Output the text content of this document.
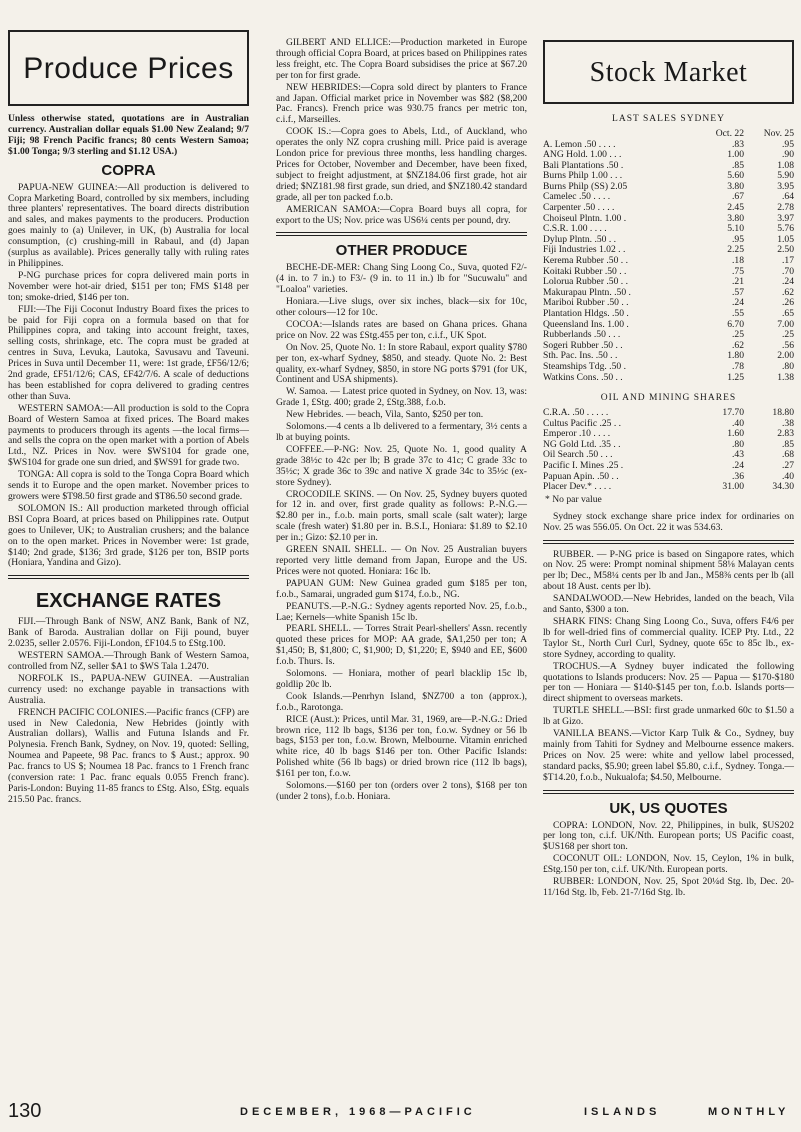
Produce Prices

Unless otherwise stated, quotations are in Australian currency. Australian dollar equals $1.00 New Zealand; 9/7 Fiji; 98 French Pacific francs; 80 cents Western Samoa; $1.00 Tonga; 9/3 sterling and $1.12 USA.)

COPRA

PAPUA-NEW GUINEA:—All production is delivered to Copra Marketing Board, controlled by six members, including three planters' representatives. The board directs distribution and sales, and makes payments to the producers. Production goes mainly to (a) Unilever, in UK, (b) Australia for local consumption, (c) crushing-mill in Rabaul, and (d) Japan (surplus as available). Prices generally tally with ruling rates in Philippines.

P-NG purchase prices for copra delivered main ports in November were hot-air dried, $151 per ton; FMS $148 per ton; smoke-dried, $146 per ton.

FIJI:—The Fiji Coconut Industry Board fixes the prices to be paid for Fiji copra on a formula based on that for Philippines copra, and taking into account freight, taxes, selling costs, shrinkage, etc. The copra must be graded at centres in Suva, Levuka, Lautoka, Savusavu and Taveuni. Prices in Suva until December 11, were: 1st grade, £F56/12/6; 2nd grade, £F51/12/6; CAS, £F42/7/6. A scale of deductions has been established for copra delivered to grading centres other than Suva.

WESTERN SAMOA:—All production is sold to the Copra Board of Western Samoa at fixed prices. The Board makes payments to producers through its agents —the local firms—and sells the copra on the open market with a portion of Abels Ltd., NZ. Prices in Nov. were $WS104 for grade one, $WS104 for grade one sun dried, and $WS91 for grade two.

TONGA: All copra is sold to the Tonga Copra Board which sends it to Europe and the open market. November prices to growers were $T98.50 first grade and $T86.50 second grade.

SOLOMON IS.: All production marketed through official BSI Copra Board, at prices based on Philippines rate. Output goes to Unilever, UK; to Australian crushers; and the balance on to the open market. Prices in November were: 1st grade, $140; 2nd grade, $136; 3rd grade, $126 per ton, BSIP ports (Honiara, Yandina and Gizo).

EXCHANGE RATES

FIJI.—Through Bank of NSW, ANZ Bank, Bank of NZ, Bank of Baroda. Australian dollar on Fiji pound, buyer 2.0235, seller 2.0576. Fiji-London, £F104.5 to £Stg.100.

WESTERN SAMOA.—Through Bank of Western Samoa, controlled from NZ, seller $A1 to $WS Tala 1.2470.

NORFOLK IS., PAPUA-NEW GUINEA. —Australian currency used: no exchange payable in transactions with Australia.

FRENCH PACIFIC COLONIES.—Pacific francs (CFP) are used in New Caledonia, New Hebrides (jointly with Australian dollars), Wallis and Futuna Islands and Fr. Polynesia. French Bank, Sydney, on Nov. 19, quoted: Selling, Noumea and Papeete, 98 Pac. francs to $ Aust.; approx. 90 Pac. francs to US $; Noumea 18 Pac. francs to 1 French franc (conversion rate: 1 Pac. franc equals 0.055 French franc). Paris-London: Buying 11-85 francs to £Stg. Also, £Stg. equals 215.50 Pac. francs.

GILBERT AND ELLICE:—Production marketed in Europe through official Copra Board, at prices based on Philippines rates less freight, etc. The Copra Board subsidises the price at $67.20 per ton for first grade.

NEW HEBRIDES:—Copra sold direct by planters to France and Japan. Official market price in November was $82 ($8,200 Pac. Francs). French price was 930.75 francs per metric ton, c.i.f., Marseilles.

COOK IS.:—Copra goes to Abels, Ltd., of Auckland, who operates the only NZ copra crushing mill. Price paid is average London price for previous three months, less handling charges. Prices for October, November and December, have been fixed, subject to freight adjustment, at $NZ184.06 first grade, hot air dried; $NZ181.98 first grade, sun dried, and $NZ180.42 standard grade, all per ton packed f.o.b.

AMERICAN SAMOA:—Copra Board buys all copra, for export to the US; Nov. price was US6¼ cents per pound, dry.

OTHER PRODUCE

BECHE-DE-MER: Chang Sing Loong Co., Suva, quoted F2/- (4 in. to 7 in.) to F3/- (9 in. to 11 in.) lb for "Sucuwalu" and "Loaloa" varieties.

Honiara.—Live slugs, over six inches, black—six for 10c, other colours—12 for 10c.

COCOA:—Islands rates are based on Ghana prices. Ghana price on Nov. 22 was £Stg.455 per ton, c.i.f., UK Spot.

On Nov. 25, Quote No. 1: In store Rabaul, export quality $780 per ton, ex-wharf Sydney, $850, and steady. Quote No. 2: Best quality, ex-wharf Sydney, $850, in store NG ports $791 (for UK, Continent and USA shipments).

W. Samoa. — Latest price quoted in Sydney, on Nov. 13, was: Grade 1, £Stg. 400; grade 2, £Stg.388, f.o.b.

New Hebrides. — beach, Vila, Santo, $250 per ton.

Solomons.—4 cents a lb delivered to a fermentary, 3½ cents a lb at buying points.

COFFEE.—P-NG: Nov. 25, Quote No. 1, good quality A grade 38½c to 42c per lb; B grade 37c to 41c; C grade 33c to 35½c; X grade 36c to 39c and native X grade 34c to 35½c (ex-store Sydney).

CROCODILE SKINS. — On Nov. 25, Sydney buyers quoted for 12 in. and over, first grade quality as follows: P.-N.G.— $2.80 per in., f.o.b. main ports, small scale (salt water); large scale (fresh water) $1.80 per in. B.S.I., Honiara: $1.89 to $2.10 per in.; Gizo: $2.10 per in.

GREEN SNAIL SHELL. — On Nov. 25 Australian buyers reported very little demand from Japan, Europe and the US. Prices were not quoted. Honiara: 16c lb.

PAPUAN GUM: New Guinea graded gum $185 per ton, f.o.b., Samarai, ungraded gum $174, f.o.b., NG.

PEANUTS.—P.-N.G.: Sydney agents reported Nov. 25, f.o.b., Lae; Kernels—white Spanish 15c lb.

PEARL SHELL. — Torres Strait Pearl-shellers' Assn. recently quoted these prices for MOP: AA grade, $A1,250 per ton; A $1,450; B, $1,800; C, $1,900; D, $1,220; E, $940 and EE, $600 f.o.b. Thurs. Is.

Solomons. — Honiara, mother of pearl blacklip 15c lb, goldlip 20c lb.

Cook Islands.—Penrhyn Island, $NZ700 a ton (approx.), f.o.b., Rarotonga.

RICE (Aust.): Prices, until Mar. 31, 1969, are—P.-N.G.: Dried brown rice, 112 lb bags, $136 per ton, f.o.w. Sydney or 56 lb bags, $153 per ton, f.o.w. Brown, Melbourne. Vitamin enriched white rice, 40 lb bags $146 per ton. Other Pacific Islands: Polished white (56 lb bags) or dried brown rice (112 lb bags), $161 per ton, f.o.w.

Solomons.—$160 per ton (orders over 2 tons), $168 per ton (under 2 tons), f.o.b. Honiara.

Stock Market
LAST SALES SYDNEY
	Oct. 22	Nov. 25
A. Lemon .50 . . . .	.83	.95
ANG Hold. 1.00 . . .	1.00	.90
Bali Plantations .50 .	.85	1.08
Burns Philp 1.00 . . .	5.60	5.90
Burns Philp (SS) 2.05	3.80	3.95
Camelec .50 . . . .	.67	.64
Carpenter .50 . . . .	2.45	2.78
Choiseul Plntn. 1.00 .	3.80	3.97
C.S.R. 1.00 . . . .	5.10	5.76
Dylup Plntn. .50 . .	.95	1.05
Fiji Industries 1.02 . .	2.25	2.50
Kerema Rubber .50 . .	.18	.17
Koitaki Rubber .50 . .	.75	.70
Loloruа Rubber .50 . .	.21	.24
Makurapau Plntn. .50 .	.57	.62
Mariboi Rubber .50 . .	.24	.26
Plantation Hldgs. .50 .	.55	.65
Queensland Ins. 1.00 .	6.70	7.00
Rubberlands .50 . . .	.25	.25
Sogeri Rubber .50 . .	.62	.56
Sth. Pac. Ins. .50 . .	1.80	2.00
Steamships Tdg. .50 .	.78	.80
Watkins Cons. .50 . .	1.25	1.38
OIL AND MINING SHARES
C.R.A. .50 . . . . .	17.70	18.80
Cultus Pacific .25 . .	.40	.38
Emperor .10 . . . .	1.60	2.83
NG Gold Ltd. .35 . .	.80	.85
Oil Search .50 . . .	.43	.68
Pacific I. Mines .25 .	.24	.27
Papuan Apin. .50 . .	.36	.40
Placer Dev.* . . . .	31.00	34.30
* No par value

Sydney stock exchange share price index for ordinaries on Nov. 25 was 556.05. On Oct. 22 it was 534.63.

RUBBER. — P-NG price is based on Singapore rates, which on Nov. 25 were: Prompt nominal shipment 58⅛ Malayan cents per lb; Dec., M58¼ cents per lb and Jan., M58⅜ cents per lb (all about 18 Aust. cents per lb).

SANDALWOOD.—New Hebrides, landed on the beach, Vila and Santo, $300 a ton.

SHARK FINS: Chang Sing Loong Co., Suva, offers F4/6 per lb for well-dried fins of commercial quality. ICEP Pty. Ltd., 22 Taylor St., North Curl Curl, Sydney, quote 65c to 85c lb., ex-store Sydney, according to quality.

TROCHUS.—A Sydney buyer indicated the following quotations to Islands producers: Nov. 25 — Papua — $170-$180 per ton — Honiara — $140-$145 per ton, f.o.b. Islands ports—direct shipment to overseas markets.

TURTLE SHELL.—BSI: first grade unmarked 60c to $1.50 a lb at Gizo.

VANILLA BEANS.—Victor Karp Tulk & Co., Sydney, buy mainly from Tahiti for Sydney and Melbourne essence makers. Prices on Nov. 25 were: white and yellow label processed, standard packs, $5.90; green label $5.80, c.i.f., Sydney. Tonga.— $T14.20, f.o.b., Nukualofa; $4.50, Melbourne.

UK, US QUOTES

COPRA: LONDON, Nov. 22, Philippines, in bulk, $US202 per long ton, c.i.f. UK/Nth. European ports; US Pacific coast, $US168 per short ton.

COCONUT OIL: LONDON, Nov. 15, Ceylon, 1% in bulk, £Stg.150 per ton, c.i.f. UK/Nth. European ports.

RUBBER: LONDON, Nov. 25, Spot 20¼d Stg. lb, Dec. 20-11/16d Stg. lb, Feb. 21-7/16d Stg. lb.

130	DECEMBER, 1968—PACIFIC	ISLANDS	MONTHLY
